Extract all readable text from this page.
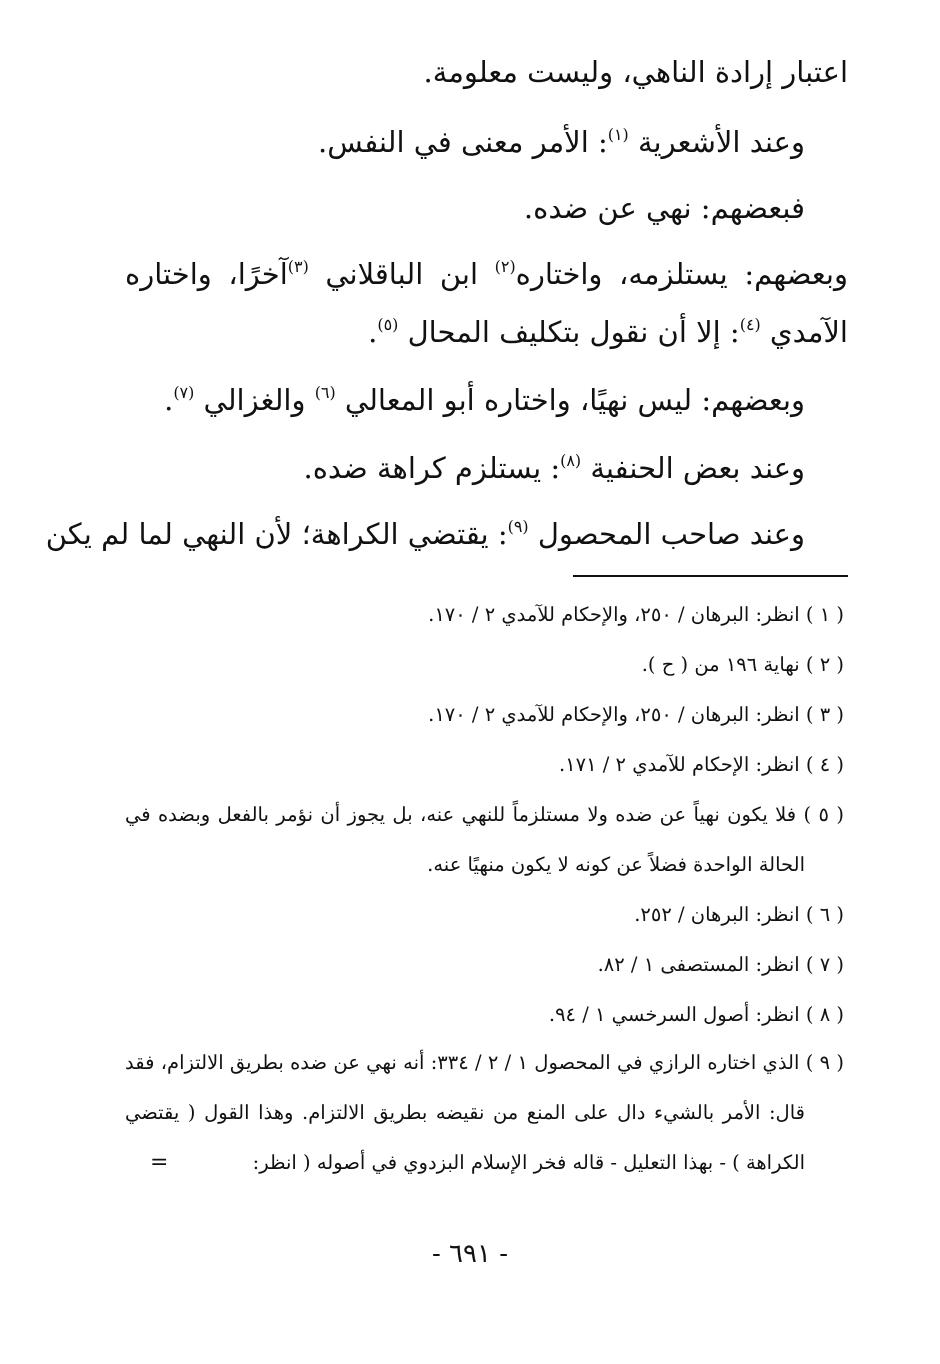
اعتبار إرادة الناهي، وليست معلومة.

وعند الأشعرية $^{(١)}$: الأمر معنى في النفس.

فبعضهم: نهي عن ضده.

وبعضهم: يستلزمه، واختاره$^{(٢)}$ ابن الباقلاني $^{(٣)}$آخرًا، واختاره

الآمدي $^{(٤)}$: إلا أن نقول بتكليف المحال $^{(٥)}$.

وبعضهم: ليس نهيًا، واختاره أبو المعالي $^{(٦)}$ والغزالي $^{(٧)}$.

وعند بعض الحنفية $^{(٨)}$: يستلزم كراهة ضده.

وعند صاحب المحصول $^{(٩)}$: يقتضي الكراهة؛ لأن النهي لما لم يكن

( ١ ) انظر: البرهان / ٢٥٠، والإحكام للآمدي ٢ / ١٧٠.

( ٢ ) نهاية ١٩٦ من ( ح ).

( ٣ ) انظر: البرهان / ٢٥٠، والإحكام للآمدي ٢ / ١٧٠.

( ٤ ) انظر: الإحكام للآمدي ٢ / ١٧١.

( ٥ ) فلا يكون نهياً عن ضده ولا مستلزماً للنهي عنه، بل يجوز أن نؤمر بالفعل وبضده في

الحالة الواحدة فضلاً عن كونه لا يكون منهيًا عنه.

( ٦ ) انظر: البرهان / ٢٥٢.

( ٧ ) انظر: المستصفى ١ / ٨٢.

( ٨ ) انظر: أصول السرخسي ١ / ٩٤.

( ٩ ) الذي اختاره الرازي في المحصول ١ / ٢ / ٣٣٤: أنه نهي عن ضده بطريق الالتزام، فقد

قال: الأمر بالشيء دال على المنع من نقيضه بطريق الالتزام. وهذا القول ( يقتضي

الكراهة ) - بهذا التعليل - قاله فخر الإسلام البزدوي في أصوله ( انظر:

=
- ٦٩١ -
